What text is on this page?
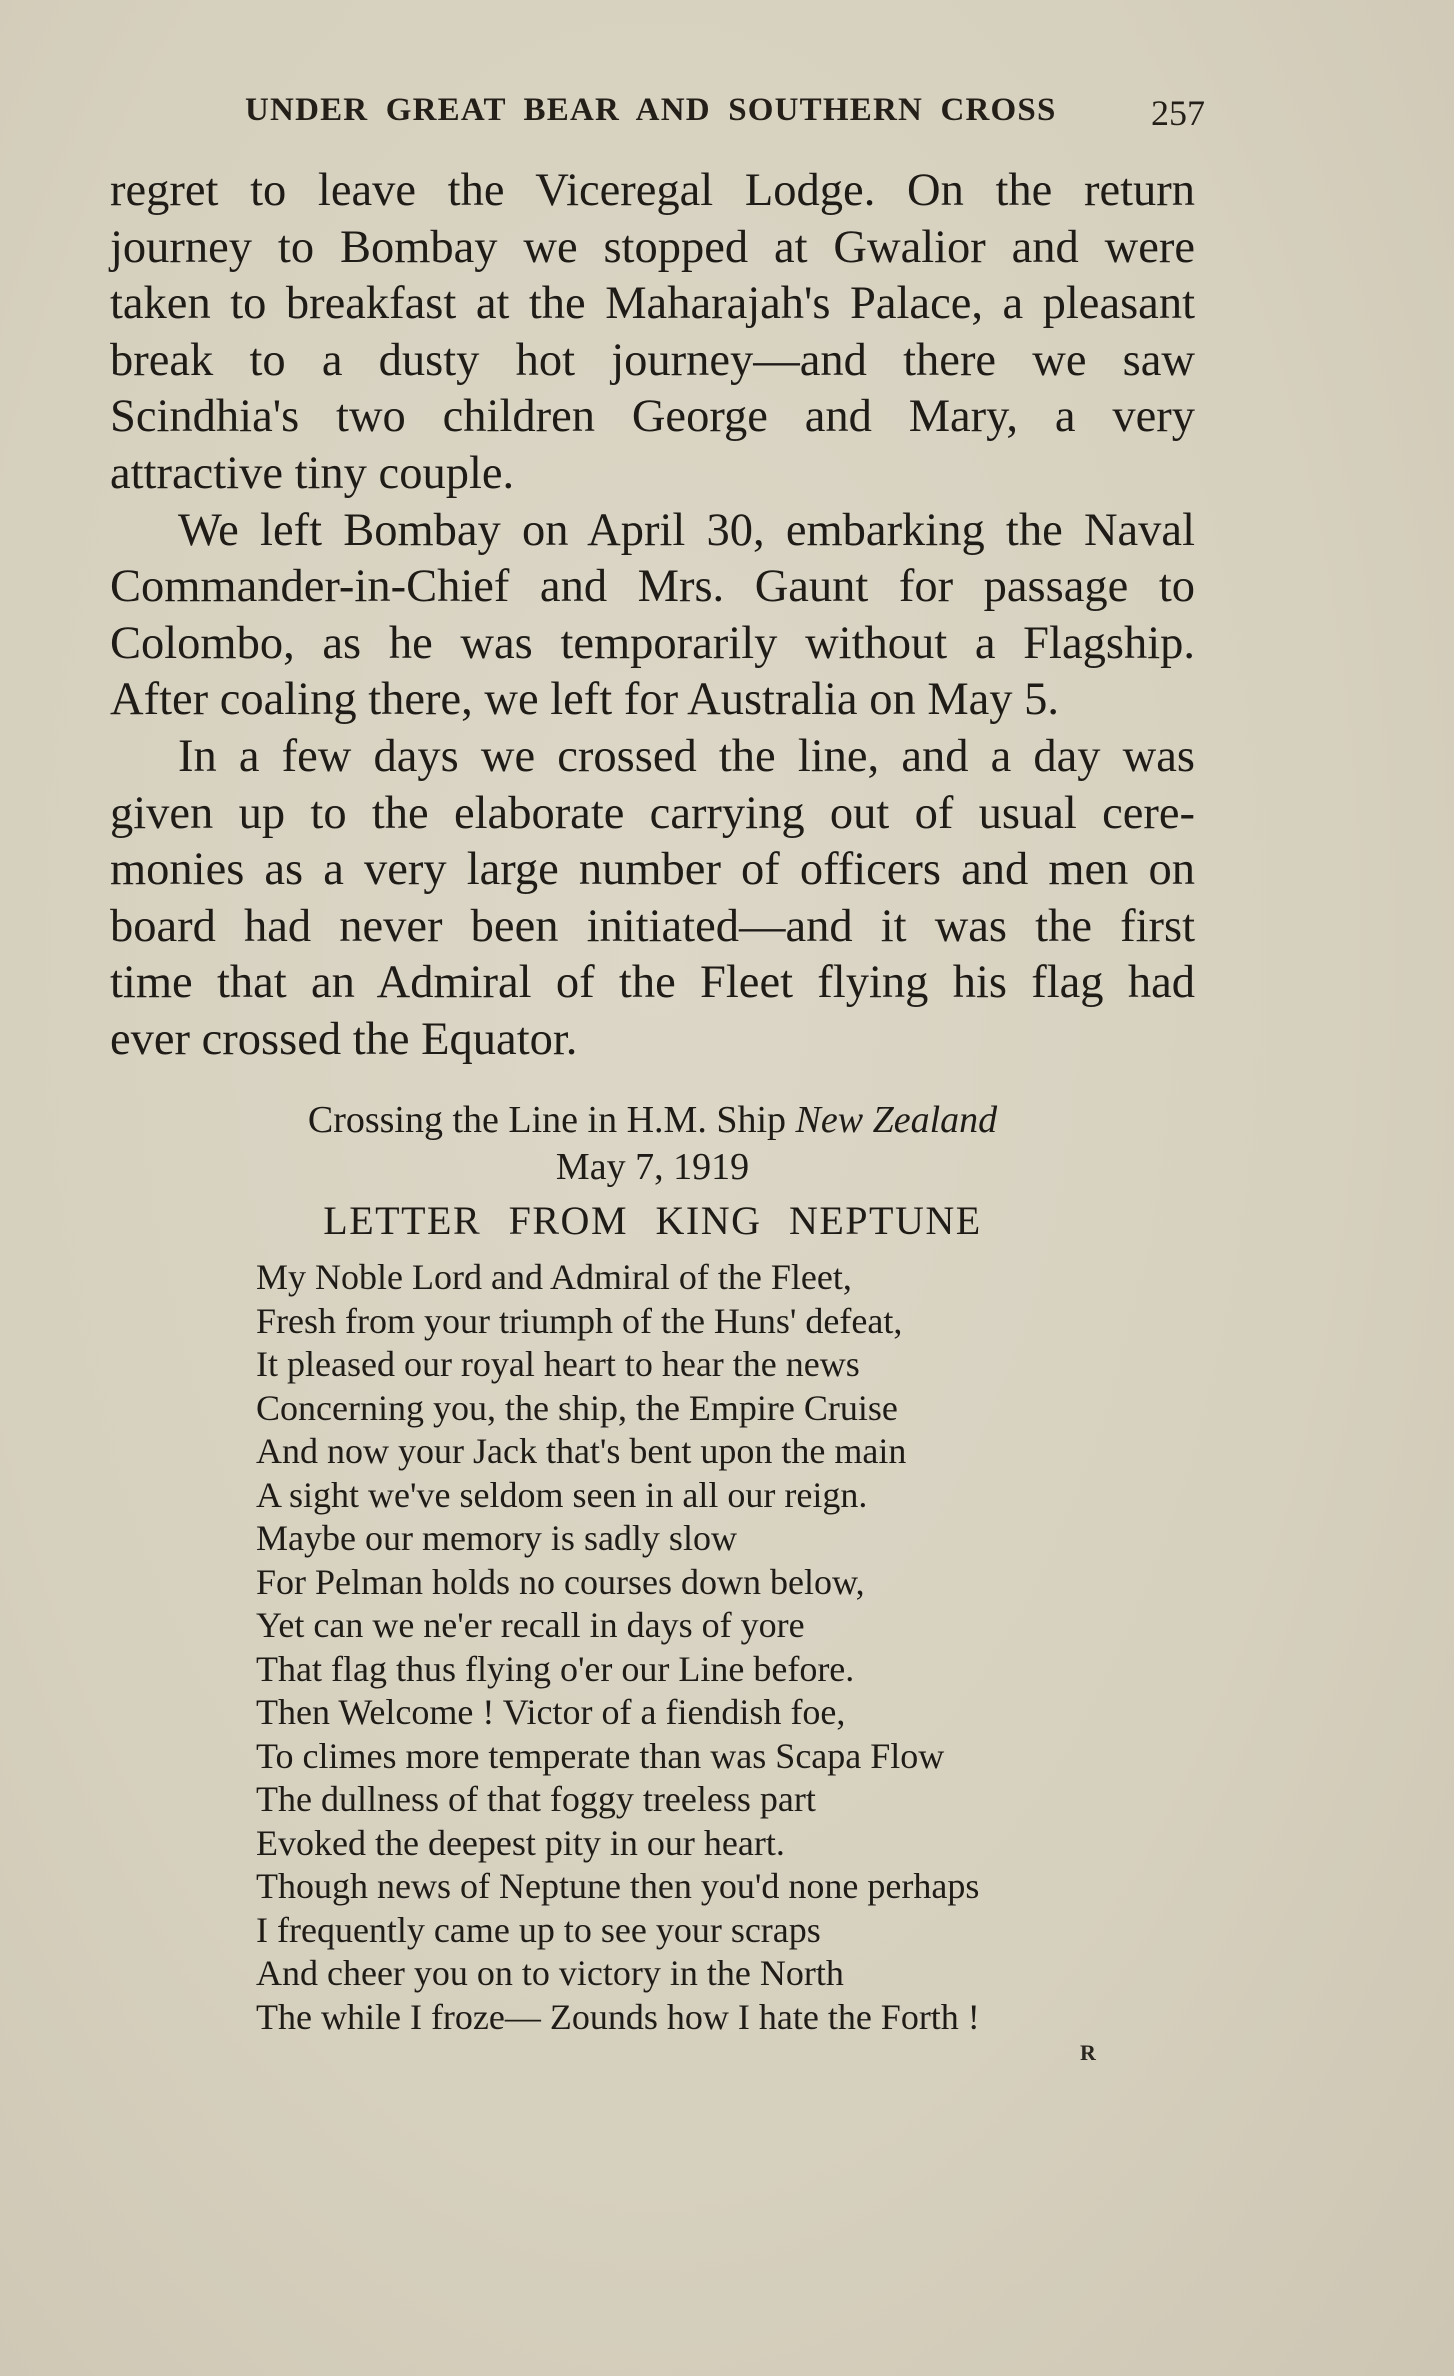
UNDER GREAT BEAR AND SOUTHERN CROSS	257

regret to leave the Viceregal Lodge. On the return
journey to Bombay we stopped at Gwalior and were
taken to breakfast at the Maharajah's Palace, a pleasant
break to a dusty hot journey—and there we saw
Scindhia's two children George and Mary, a very
attractive tiny couple.

We left Bombay on April 30, embarking the Naval
Commander-in-Chief and Mrs. Gaunt for passage to
Colombo, as he was temporarily without a Flagship.
After coaling there, we left for Australia on May 5.

In a few days we crossed the line, and a day was
given up to the elaborate carrying out of usual cere-
monies as a very large number of officers and men on
board had never been initiated—and it was the first
time that an Admiral of the Fleet flying his flag had
ever crossed the Equator.

Crossing the Line in H.M. Ship New Zealand
May 7, 1919
LETTER FROM KING NEPTUNE
My Noble Lord and Admiral of the Fleet,
Fresh from your triumph of the Huns' defeat,
It pleased our royal heart to hear the news
Concerning you, the ship, the Empire Cruise
And now your Jack that's bent upon the main
A sight we've seldom seen in all our reign.
Maybe our memory is sadly slow
For Pelman holds no courses down below,
Yet can we ne'er recall in days of yore
That flag thus flying o'er our Line before.
Then Welcome ! Victor of a fiendish foe,
To climes more temperate than was Scapa Flow
The dullness of that foggy treeless part
Evoked the deepest pity in our heart.
Though news of Neptune then you'd none perhaps
I frequently came up to see your scraps
And cheer you on to victory in the North
The while I froze— Zounds how I hate the Forth !
R
